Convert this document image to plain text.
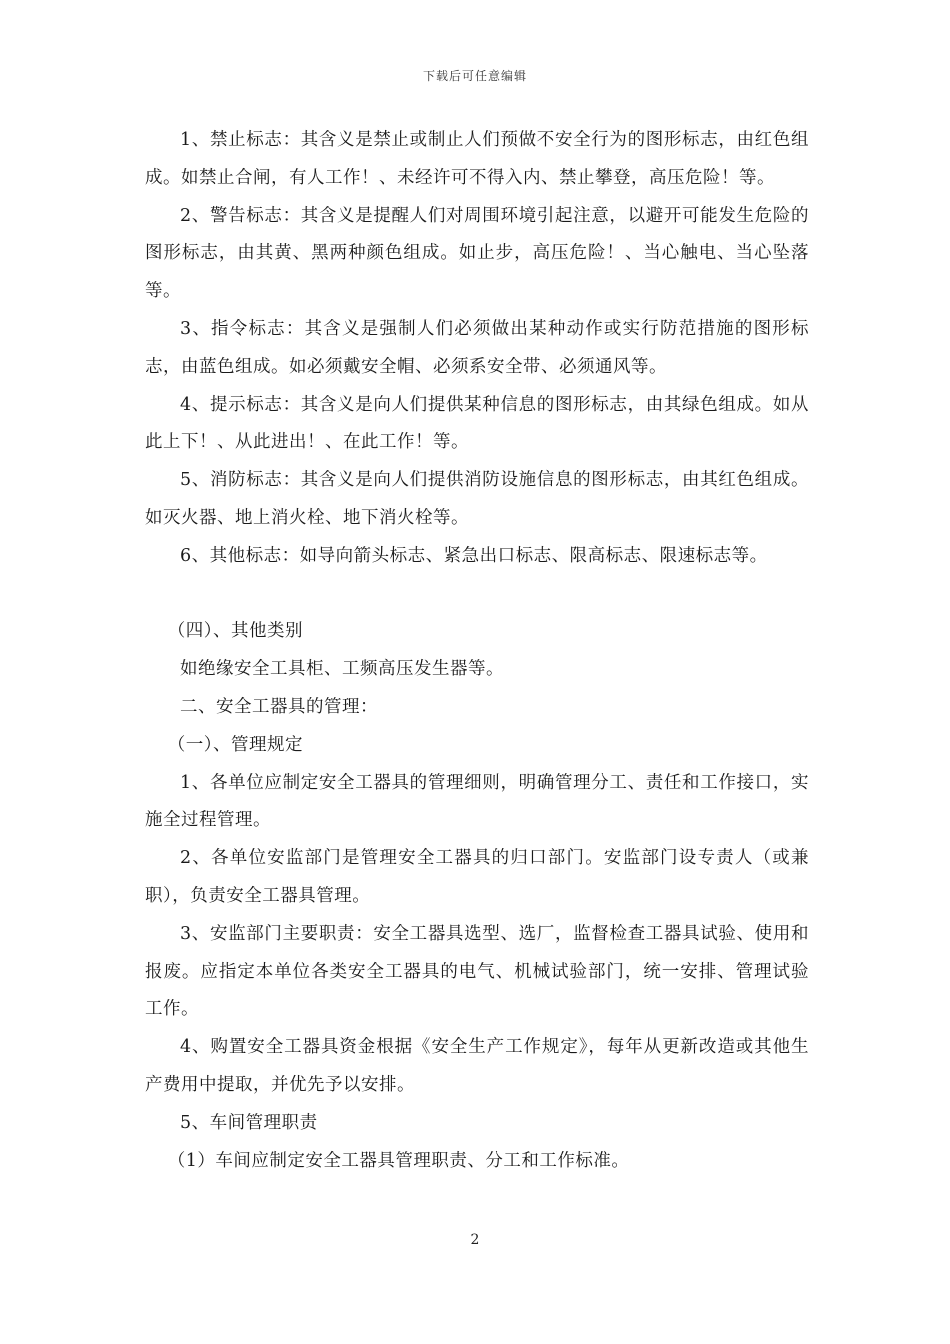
下载后可任意编辑

1、禁止标志：其含义是禁止或制止人们预做不安全行为的图形标志，由红色组成。如禁止合闸，有人工作！、未经许可不得入内、禁止攀登，高压危险！等。

2、警告标志：其含义是提醒人们对周围环境引起注意，以避开可能发生危险的图形标志，由其黄、黑两种颜色组成。如止步，高压危险！、当心触电、当心坠落等。

3、指令标志：其含义是强制人们必须做出某种动作或实行防范措施的图形标志，由蓝色组成。如必须戴安全帽、必须系安全带、必须通风等。

4、提示标志：其含义是向人们提供某种信息的图形标志，由其绿色组成。如从此上下！、从此进出！、在此工作！等。

5、消防标志：其含义是向人们提供消防设施信息的图形标志，由其红色组成。如灭火器、地上消火栓、地下消火栓等。

6、其他标志：如导向箭头标志、紧急出口标志、限高标志、限速标志等。

（四）、其他类别

如绝缘安全工具柜、工频高压发生器等。

二、安全工器具的管理：

（一）、管理规定

1、各单位应制定安全工器具的管理细则，明确管理分工、责任和工作接口，实施全过程管理。

2、各单位安监部门是管理安全工器具的归口部门。安监部门设专责人（或兼职），负责安全工器具管理。

3、安监部门主要职责：安全工器具选型、选厂，监督检查工器具试验、使用和报废。应指定本单位各类安全工器具的电气、机械试验部门，统一安排、管理试验工作。

4、购置安全工器具资金根据《安全生产工作规定》，每年从更新改造或其他生产费用中提取，并优先予以安排。

5、车间管理职责

（1）车间应制定安全工器具管理职责、分工和工作标准。

2
